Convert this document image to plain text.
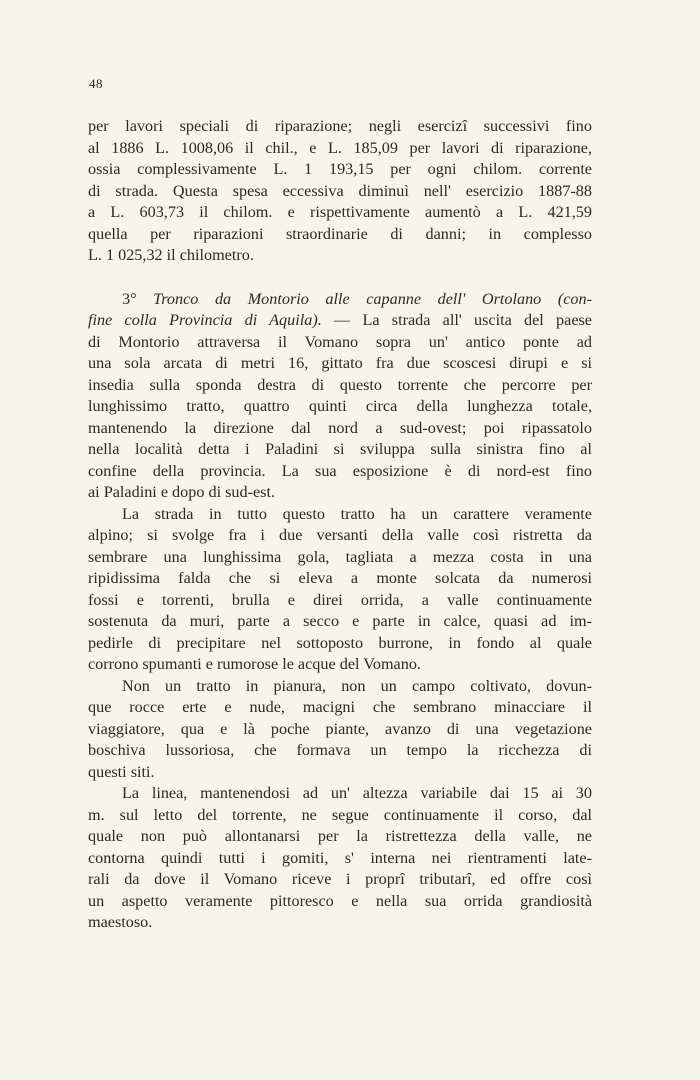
48
per lavori speciali di riparazione; negli esercizî successivi fino
al 1886 L. 1008,06 il chil., e L. 185,09 per lavori di riparazione,
ossia complessivamente L. 1 193,15 per ogni chilom. corrente
di strada. Questa spesa eccessiva diminuì nell' esercizio 1887-88
a L. 603,73 il chilom. e rispettivamente aumentò a L. 421,59
quella per riparazioni straordinarie di danni; in complesso
L. 1 025,32 il chilometro.
3° Tronco da Montorio alle capanne dell' Ortolano (con-
fine colla Provincia di Aquila). — La strada all' uscita del paese
di Montorio attraversa il Vomano sopra un' antico ponte ad
una sola arcata di metri 16, gittato fra due scoscesi dirupi e si
insedia sulla sponda destra di questo torrente che percorre per
lunghissimo tratto, quattro quinti circa della lunghezza totale,
mantenendo la direzione dal nord a sud-ovest; poi ripassatolo
nella località detta i Paladini si sviluppa sulla sinistra fino al
confine della provincia. La sua esposizione è di nord-est fino
ai Paladini e dopo di sud-est.
La strada in tutto questo tratto ha un carattere veramente
alpino; si svolge fra i due versanti della valle così ristretta da
sembrare una lunghissima gola, tagliata a mezza costa in una
ripidissima falda che si eleva a monte solcata da numerosi
fossi e torrenti, brulla e direi orrida, a valle continuamente
sostenuta da muri, parte a secco e parte in calce, quasi ad im-
pedirle di precipitare nel sottoposto burrone, in fondo al quale
corrono spumanti e rumorose le acque del Vomano.
Non un tratto in pianura, non un campo coltivato, dovun-
que rocce erte e nude, macigni che sembrano minacciare il
viaggiatore, qua e là poche piante, avanzo di una vegetazione
boschiva lussoriosa, che formava un tempo la ricchezza di
questi siti.
La linea, mantenendosi ad un' altezza variabile dai 15 ai 30
m. sul letto del torrente, ne segue continuamente il corso, dal
quale non può allontanarsi per la ristrettezza della valle, ne
contorna quindi tutti i gomiti, s' interna nei rientramenti late-
rali da dove il Vomano riceve i proprî tributarî, ed offre così
un aspetto veramente pittoresco e nella sua orrida grandiosità
maestoso.
